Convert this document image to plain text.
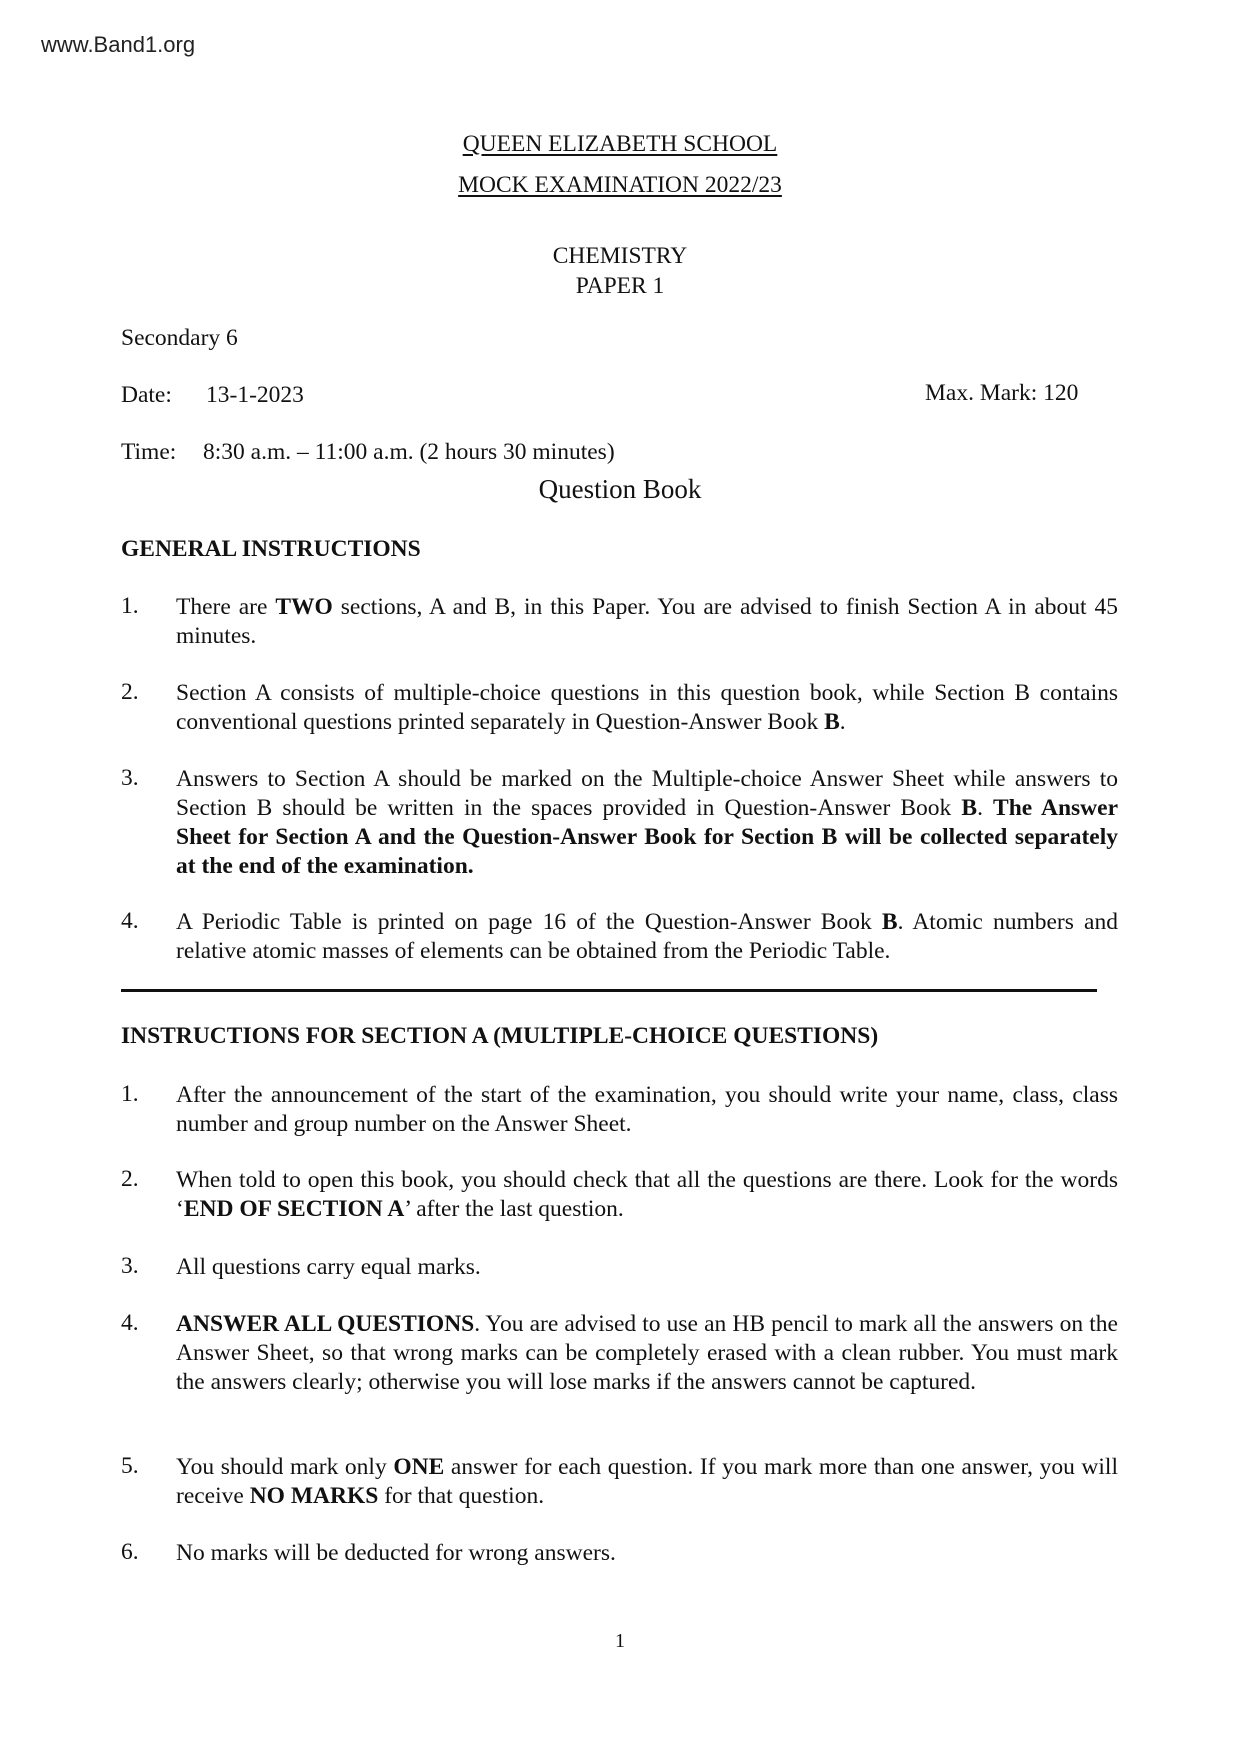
www.Band1.org
QUEEN ELIZABETH SCHOOL
MOCK EXAMINATION 2022/23
CHEMISTRY
PAPER 1
Secondary 6
Date: 13-1-2023	Max. Mark: 120
Time: 8:30 a.m. – 11:00 a.m. (2 hours 30 minutes)
Question Book
GENERAL INSTRUCTIONS
1. There are TWO sections, A and B, in this Paper. You are advised to finish Section A in about 45 minutes.
2. Section A consists of multiple-choice questions in this question book, while Section B contains conventional questions printed separately in Question-Answer Book B.
3. Answers to Section A should be marked on the Multiple-choice Answer Sheet while answers to Section B should be written in the spaces provided in Question-Answer Book B. The Answer Sheet for Section A and the Question-Answer Book for Section B will be collected separately at the end of the examination.
4. A Periodic Table is printed on page 16 of the Question-Answer Book B. Atomic numbers and relative atomic masses of elements can be obtained from the Periodic Table.
INSTRUCTIONS FOR SECTION A (MULTIPLE-CHOICE QUESTIONS)
1. After the announcement of the start of the examination, you should write your name, class, class number and group number on the Answer Sheet.
2. When told to open this book, you should check that all the questions are there. Look for the words ‘END OF SECTION A’ after the last question.
3. All questions carry equal marks.
4. ANSWER ALL QUESTIONS. You are advised to use an HB pencil to mark all the answers on the Answer Sheet, so that wrong marks can be completely erased with a clean rubber. You must mark the answers clearly; otherwise you will lose marks if the answers cannot be captured.
5. You should mark only ONE answer for each question. If you mark more than one answer, you will receive NO MARKS for that question.
6. No marks will be deducted for wrong answers.
1
